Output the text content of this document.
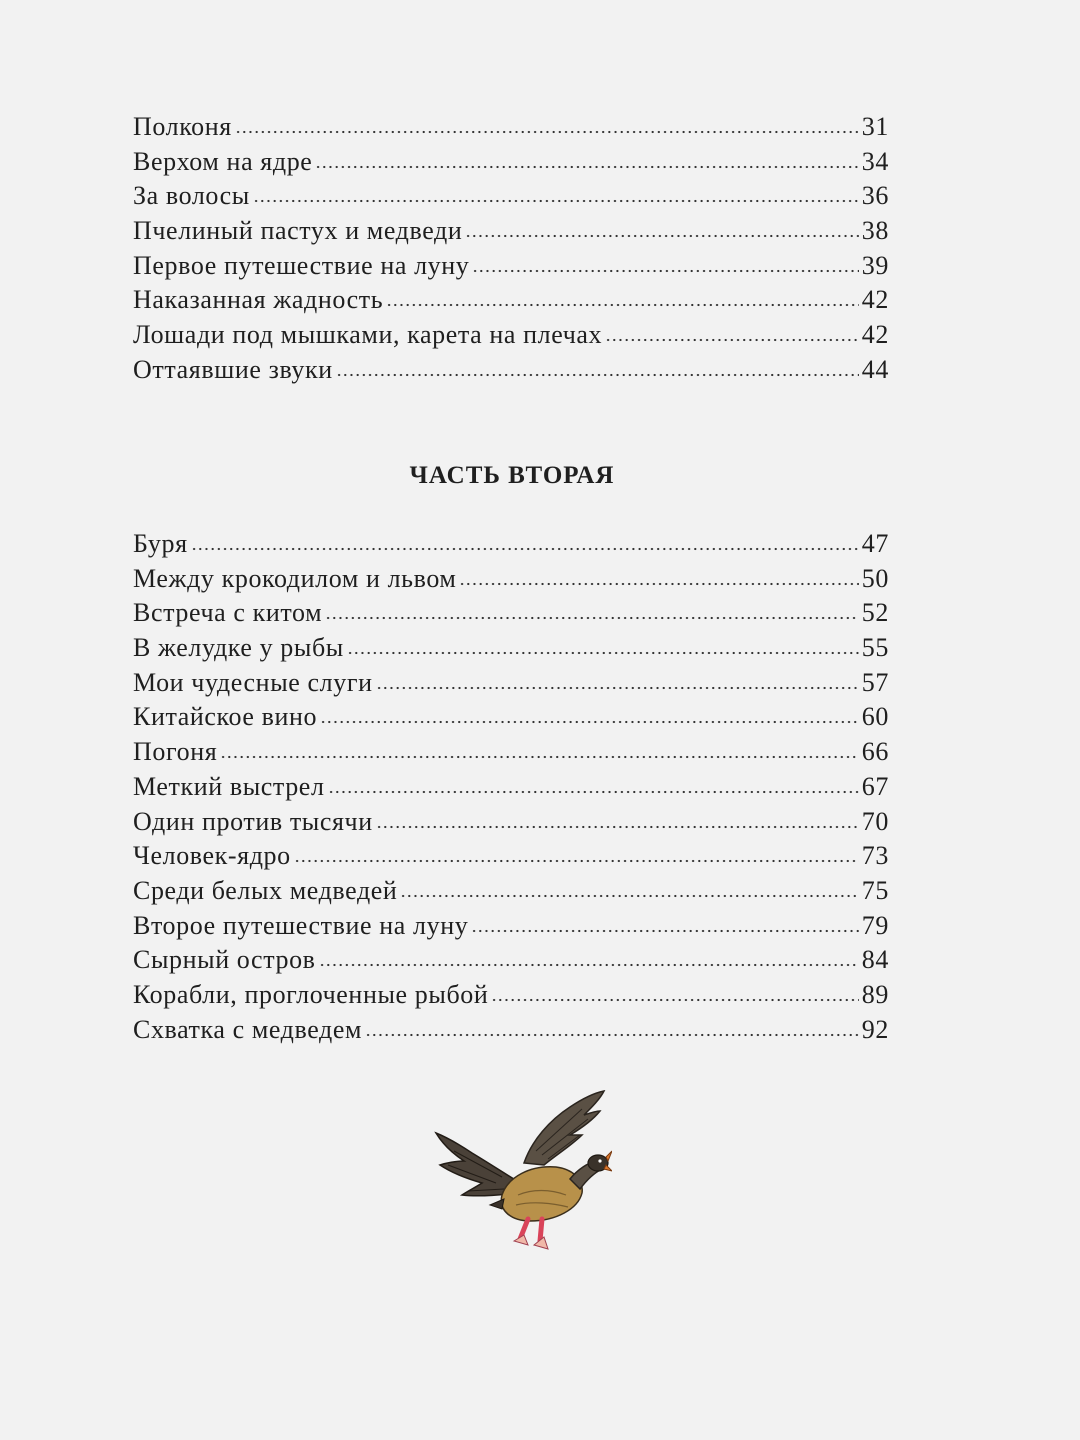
Полконя	31
Верхом на ядре	34
За волосы	36
Пчелиный пастух и медведи	38
Первое путешествие на луну	39
Наказанная жадность	42
Лошади под мышками, карета на плечах	42
Оттаявшие звуки	44
ЧАСТЬ ВТОРАЯ
Буря	47
Между крокодилом и львом	50
Встреча с китом	52
В желудке у рыбы	55
Мои чудесные слуги	57
Китайское вино	60
Погоня	66
Меткий выстрел	67
Один против тысячи	70
Человек-ядро	73
Среди белых медведей	75
Второе путешествие на луну	79
Сырный остров	84
Корабли, проглоченные рыбой	89
Схватка с медведем	92
